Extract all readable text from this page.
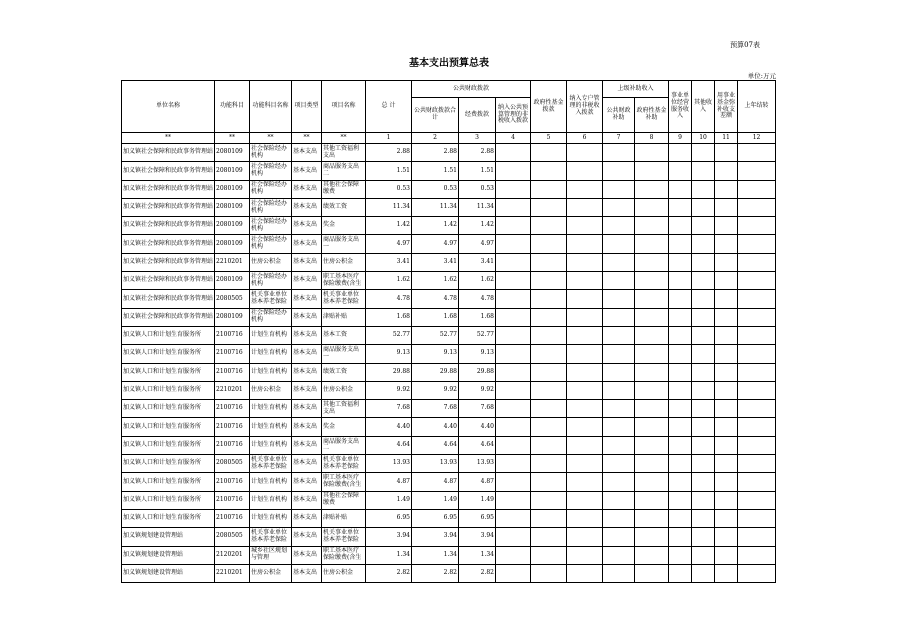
预算07表
基本支出预算总表
单位:万元
单位名称	功能科目	功能科目名称	项目类型	项目名称	总 计	公共财政拨款			政府性基金拨款	纳入专户管理的非税收入拨款	上级补助收入		事业单位经营服务收入	其他收入	用事业基金弥补收支差额	上年结转
						公共财政拨款合计	经费拨款	纳入公共预算管理的非税收入拨款			公共财政补助	政府性基金补助				
**	**	**	**	**	1	2	3	4	5	6	7	8	9	10	11	12
加义镇社会保障和民政事务管理站	2080109	社会保险经办机构	基本支出	其他工资福利支出	2.88	2.88	2.88									
加义镇社会保障和民政事务管理站	2080109	社会保险经办机构	基本支出	商品服务支出二	1.51	1.51	1.51									
加义镇社会保障和民政事务管理站	2080109	社会保险经办机构	基本支出	其他社会保障缴费	0.53	0.53	0.53									
加义镇社会保障和民政事务管理站	2080109	社会保险经办机构	基本支出	绩效工资	11.34	11.34	11.34									
加义镇社会保障和民政事务管理站	2080109	社会保险经办机构	基本支出	奖金	1.42	1.42	1.42									
加义镇社会保障和民政事务管理站	2080109	社会保险经办机构	基本支出	商品服务支出一	4.97	4.97	4.97									
加义镇社会保障和民政事务管理站	2210201	住房公积金	基本支出	住房公积金	3.41	3.41	3.41									
加义镇社会保障和民政事务管理站	2080109	社会保险经办机构	基本支出	职工基本医疗保险缴费(含生	1.62	1.62	1.62									
加义镇社会保障和民政事务管理站	2080505	机关事业单位基本养老保险	基本支出	机关事业单位基本养老保险	4.78	4.78	4.78									
加义镇社会保障和民政事务管理站	2080109	社会保险经办机构	基本支出	津贴补贴	1.68	1.68	1.68									
加义镇人口和计划生育服务所	2100716	计划生育机构	基本支出	基本工资	52.77	52.77	52.77									
加义镇人口和计划生育服务所	2100716	计划生育机构	基本支出	商品服务支出一	9.13	9.13	9.13									
加义镇人口和计划生育服务所	2100716	计划生育机构	基本支出	绩效工资	29.88	29.88	29.88									
加义镇人口和计划生育服务所	2210201	住房公积金	基本支出	住房公积金	9.92	9.92	9.92									
加义镇人口和计划生育服务所	2100716	计划生育机构	基本支出	其他工资福利支出	7.68	7.68	7.68									
加义镇人口和计划生育服务所	2100716	计划生育机构	基本支出	奖金	4.40	4.40	4.40									
加义镇人口和计划生育服务所	2100716	计划生育机构	基本支出	商品服务支出二	4.64	4.64	4.64									
加义镇人口和计划生育服务所	2080505	机关事业单位基本养老保险	基本支出	机关事业单位基本养老保险	13.93	13.93	13.93									
加义镇人口和计划生育服务所	2100716	计划生育机构	基本支出	职工基本医疗保险缴费(含生	4.87	4.87	4.87									
加义镇人口和计划生育服务所	2100716	计划生育机构	基本支出	其他社会保障缴费	1.49	1.49	1.49									
加义镇人口和计划生育服务所	2100716	计划生育机构	基本支出	津贴补贴	6.95	6.95	6.95									
加义镇规划建设管理站	2080505	机关事业单位基本养老保险	基本支出	机关事业单位基本养老保险	3.94	3.94	3.94									
加义镇规划建设管理站	2120201	城乡社区规划与管理	基本支出	职工基本医疗保险缴费(含生	1.34	1.34	1.34									
加义镇规划建设管理站	2210201	住房公积金	基本支出	住房公积金	2.82	2.82	2.82									
